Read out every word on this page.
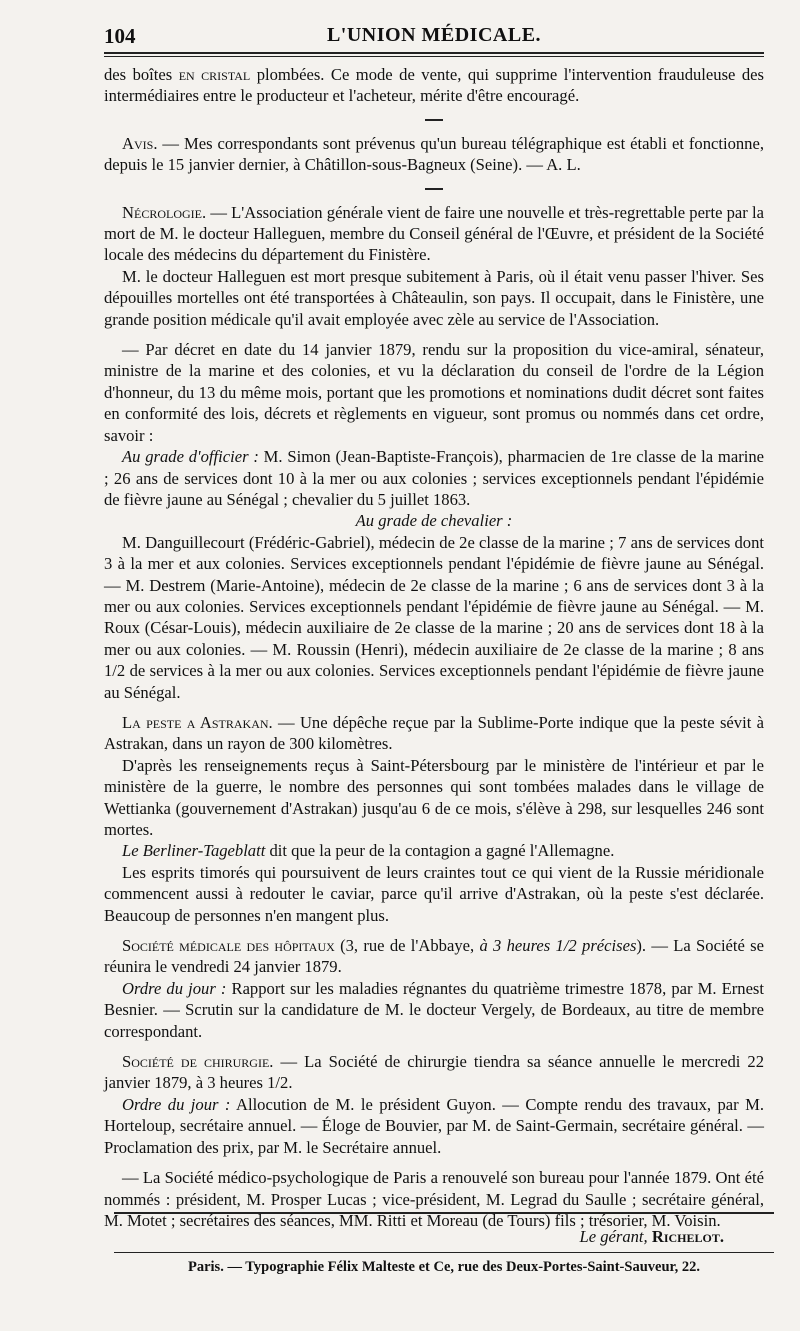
104	L'UNION MÉDICALE.

des boîtes en cristal plombées. Ce mode de vente, qui supprime l'intervention frauduleuse des intermédiaires entre le producteur et l'acheteur, mérite d'être encouragé.

Avis. — Mes correspondants sont prévenus qu'un bureau télégraphique est établi et fonctionne, depuis le 15 janvier dernier, à Châtillon-sous-Bagneux (Seine). — A. L.

Nécrologie. — L'Association générale vient de faire une nouvelle et très-regrettable perte par la mort de M. le docteur Halleguen, membre du Conseil général de l'Œuvre, et président de la Société locale des médecins du département du Finistère.

M. le docteur Halleguen est mort presque subitement à Paris, où il était venu passer l'hiver. Ses dépouilles mortelles ont été transportées à Châteaulin, son pays. Il occupait, dans le Finistère, une grande position médicale qu'il avait employée avec zèle au service de l'Association.

— Par décret en date du 14 janvier 1879, rendu sur la proposition du vice-amiral, sénateur, ministre de la marine et des colonies, et vu la déclaration du conseil de l'ordre de la Légion d'honneur, du 13 du même mois, portant que les promotions et nominations dudit décret sont faites en conformité des lois, décrets et règlements en vigueur, sont promus ou nommés dans cet ordre, savoir :

Au grade d'officier : M. Simon (Jean-Baptiste-François), pharmacien de 1re classe de la marine ; 26 ans de services dont 10 à la mer ou aux colonies ; services exceptionnels pendant l'épidémie de fièvre jaune au Sénégal ; chevalier du 5 juillet 1863.

Au grade de chevalier :

M. Danguillecourt (Frédéric-Gabriel), médecin de 2e classe de la marine ; 7 ans de services dont 3 à la mer et aux colonies. Services exceptionnels pendant l'épidémie de fièvre jaune au Sénégal. — M. Destrem (Marie-Antoine), médecin de 2e classe de la marine ; 6 ans de services dont 3 à la mer ou aux colonies. Services exceptionnels pendant l'épidémie de fièvre jaune au Sénégal. — M. Roux (César-Louis), médecin auxiliaire de 2e classe de la marine ; 20 ans de services dont 18 à la mer ou aux colonies. — M. Roussin (Henri), médecin auxiliaire de 2e classe de la marine ; 8 ans 1/2 de services à la mer ou aux colonies. Services exceptionnels pendant l'épidémie de fièvre jaune au Sénégal.

La peste a Astrakan. — Une dépêche reçue par la Sublime-Porte indique que la peste sévit à Astrakan, dans un rayon de 300 kilomètres.

D'après les renseignements reçus à Saint-Pétersbourg par le ministère de l'intérieur et par le ministère de la guerre, le nombre des personnes qui sont tombées malades dans le village de Wettianka (gouvernement d'Astrakan) jusqu'au 6 de ce mois, s'élève à 298, sur lesquelles 246 sont mortes.

Le Berliner-Tageblatt dit que la peur de la contagion a gagné l'Allemagne.

Les esprits timorés qui poursuivent de leurs craintes tout ce qui vient de la Russie méridionale commencent aussi à redouter le caviar, parce qu'il arrive d'Astrakan, où la peste s'est déclarée. Beaucoup de personnes n'en mangent plus.

Société médicale des hôpitaux (3, rue de l'Abbaye, à 3 heures 1/2 précises). — La Société se réunira le vendredi 24 janvier 1879.

Ordre du jour : Rapport sur les maladies régnantes du quatrième trimestre 1878, par M. Ernest Besnier. — Scrutin sur la candidature de M. le docteur Vergely, de Bordeaux, au titre de membre correspondant.

Société de chirurgie. — La Société de chirurgie tiendra sa séance annuelle le mercredi 22 janvier 1879, à 3 heures 1/2.

Ordre du jour : Allocution de M. le président Guyon. — Compte rendu des travaux, par M. Horteloup, secrétaire annuel. — Éloge de Bouvier, par M. de Saint-Germain, secrétaire général. — Proclamation des prix, par M. le Secrétaire annuel.

— La Société médico-psychologique de Paris a renouvelé son bureau pour l'année 1879. Ont été nommés : président, M. Prosper Lucas ; vice-président, M. Legrad du Saulle ; secrétaire général, M. Motet ; secrétaires des séances, MM. Ritti et Moreau (de Tours) fils ; trésorier, M. Voisin.

Le gérant, Richelot.
Paris. — Typographie Félix Malteste et Ce, rue des Deux-Portes-Saint-Sauveur, 22.
